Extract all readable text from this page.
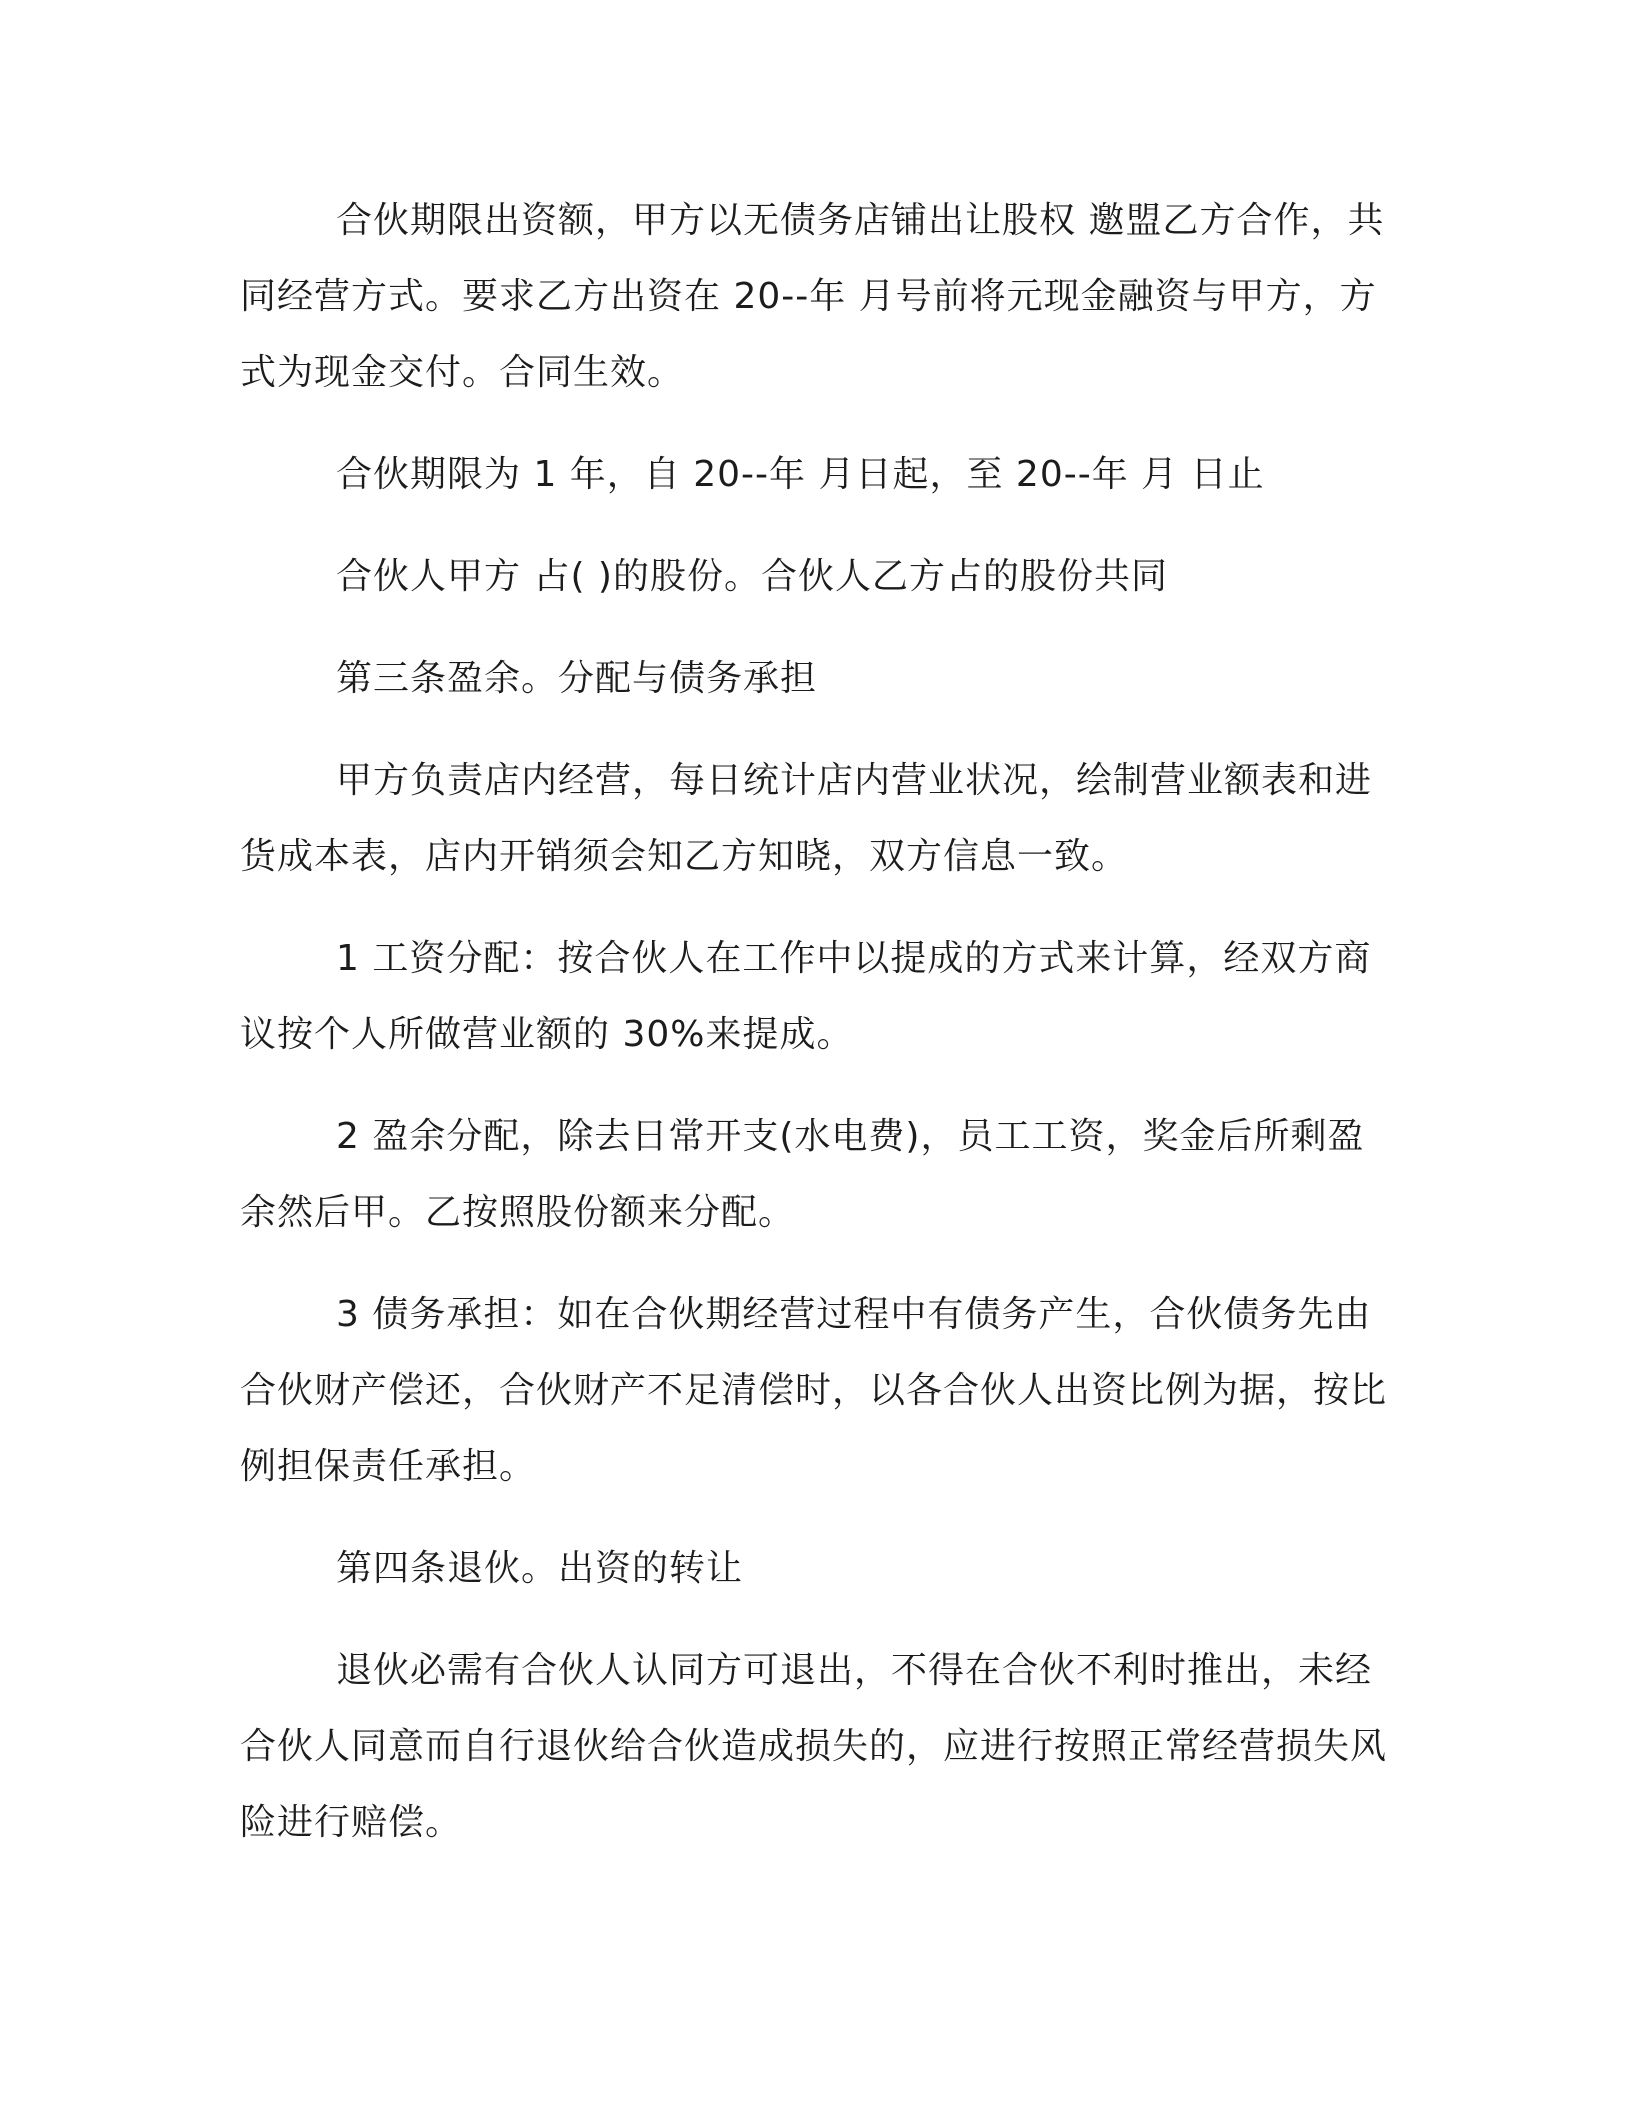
合伙期限出资额，甲方以无债务店铺出让股权 邀盟乙方合作，共同经营方式。要求乙方出资在 20--年 月号前将元现金融资与甲方，方式为现金交付。合同生效。

合伙期限为 1 年，自 20--年 月日起，至 20--年 月 日止

合伙人甲方 占( )的股份。合伙人乙方占的股份共同

第三条盈余。分配与债务承担

甲方负责店内经营，每日统计店内营业状况，绘制营业额表和进货成本表，店内开销须会知乙方知晓，双方信息一致。

1 工资分配：按合伙人在工作中以提成的方式来计算，经双方商议按个人所做营业额的 30%来提成。

2 盈余分配，除去日常开支(水电费)，员工工资，奖金后所剩盈余然后甲。乙按照股份额来分配。

3 债务承担：如在合伙期经营过程中有债务产生，合伙债务先由合伙财产偿还，合伙财产不足清偿时，以各合伙人出资比例为据，按比例担保责任承担。

第四条退伙。出资的转让

退伙必需有合伙人认同方可退出，不得在合伙不利时推出，未经合伙人同意而自行退伙给合伙造成损失的，应进行按照正常经营损失风险进行赔偿。
